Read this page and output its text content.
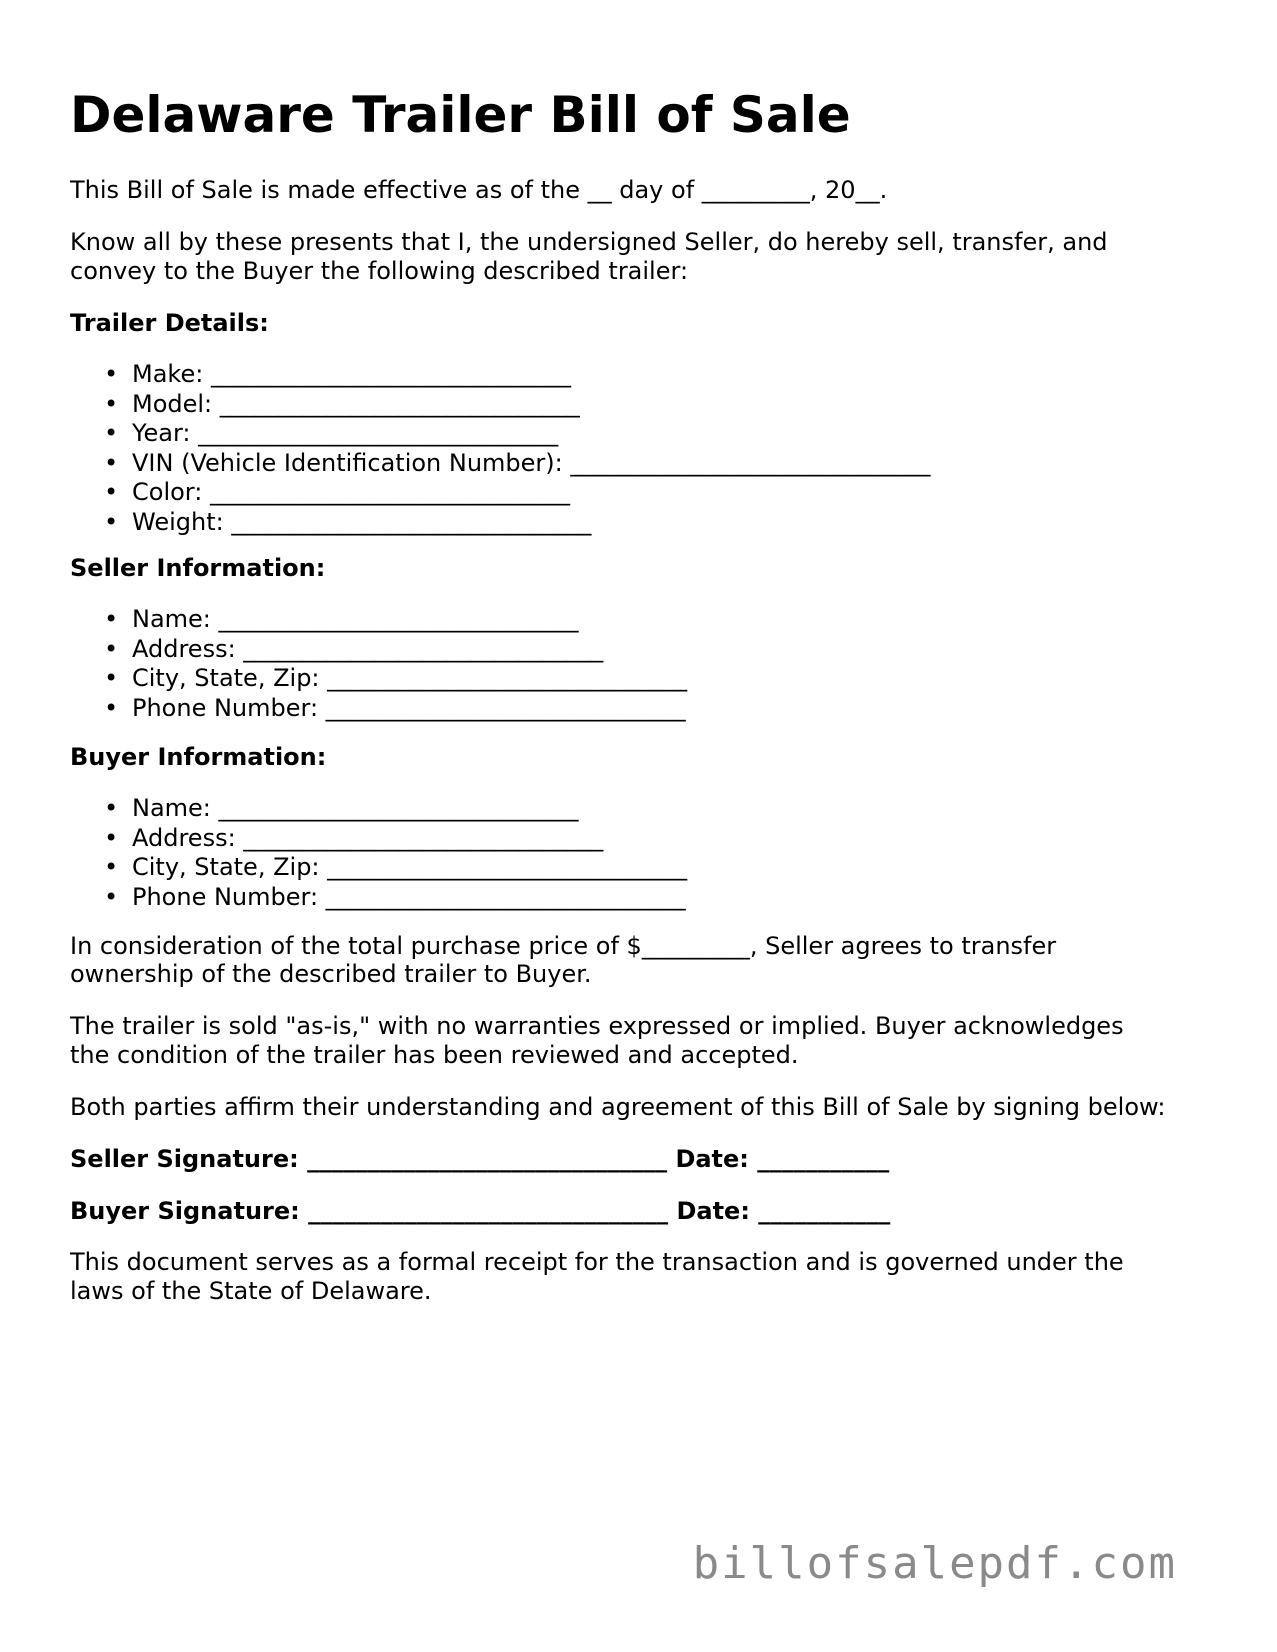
Delaware Trailer Bill of Sale

This Bill of Sale is made effective as of the __ day of _________, 20__.

Know all by these presents that I, the undersigned Seller, do hereby sell, transfer, and

convey to the Buyer the following described trailer:

Trailer Details:

• Make: ______________________________
• Model: ______________________________
• Year: ______________________________
• VIN (Vehicle Identification Number): ______________________________
• Color: ______________________________
• Weight: ______________________________

Seller Information:

• Name: ______________________________
• Address: ______________________________
• City, State, Zip: ______________________________
• Phone Number: ______________________________

Buyer Information:

• Name: ______________________________
• Address: ______________________________
• City, State, Zip: ______________________________
• Phone Number: ______________________________

In consideration of the total purchase price of $_________, Seller agrees to transfer

ownership of the described trailer to Buyer.

The trailer is sold "as-is," with no warranties expressed or implied. Buyer acknowledges

the condition of the trailer has been reviewed and accepted.

Both parties affirm their understanding and agreement of this Bill of Sale by signing below:

Seller Signature: ______________________________ Date: ___________

Buyer Signature: ______________________________ Date: ___________

This document serves as a formal receipt for the transaction and is governed under the

laws of the State of Delaware.

billofsalepdf.com
